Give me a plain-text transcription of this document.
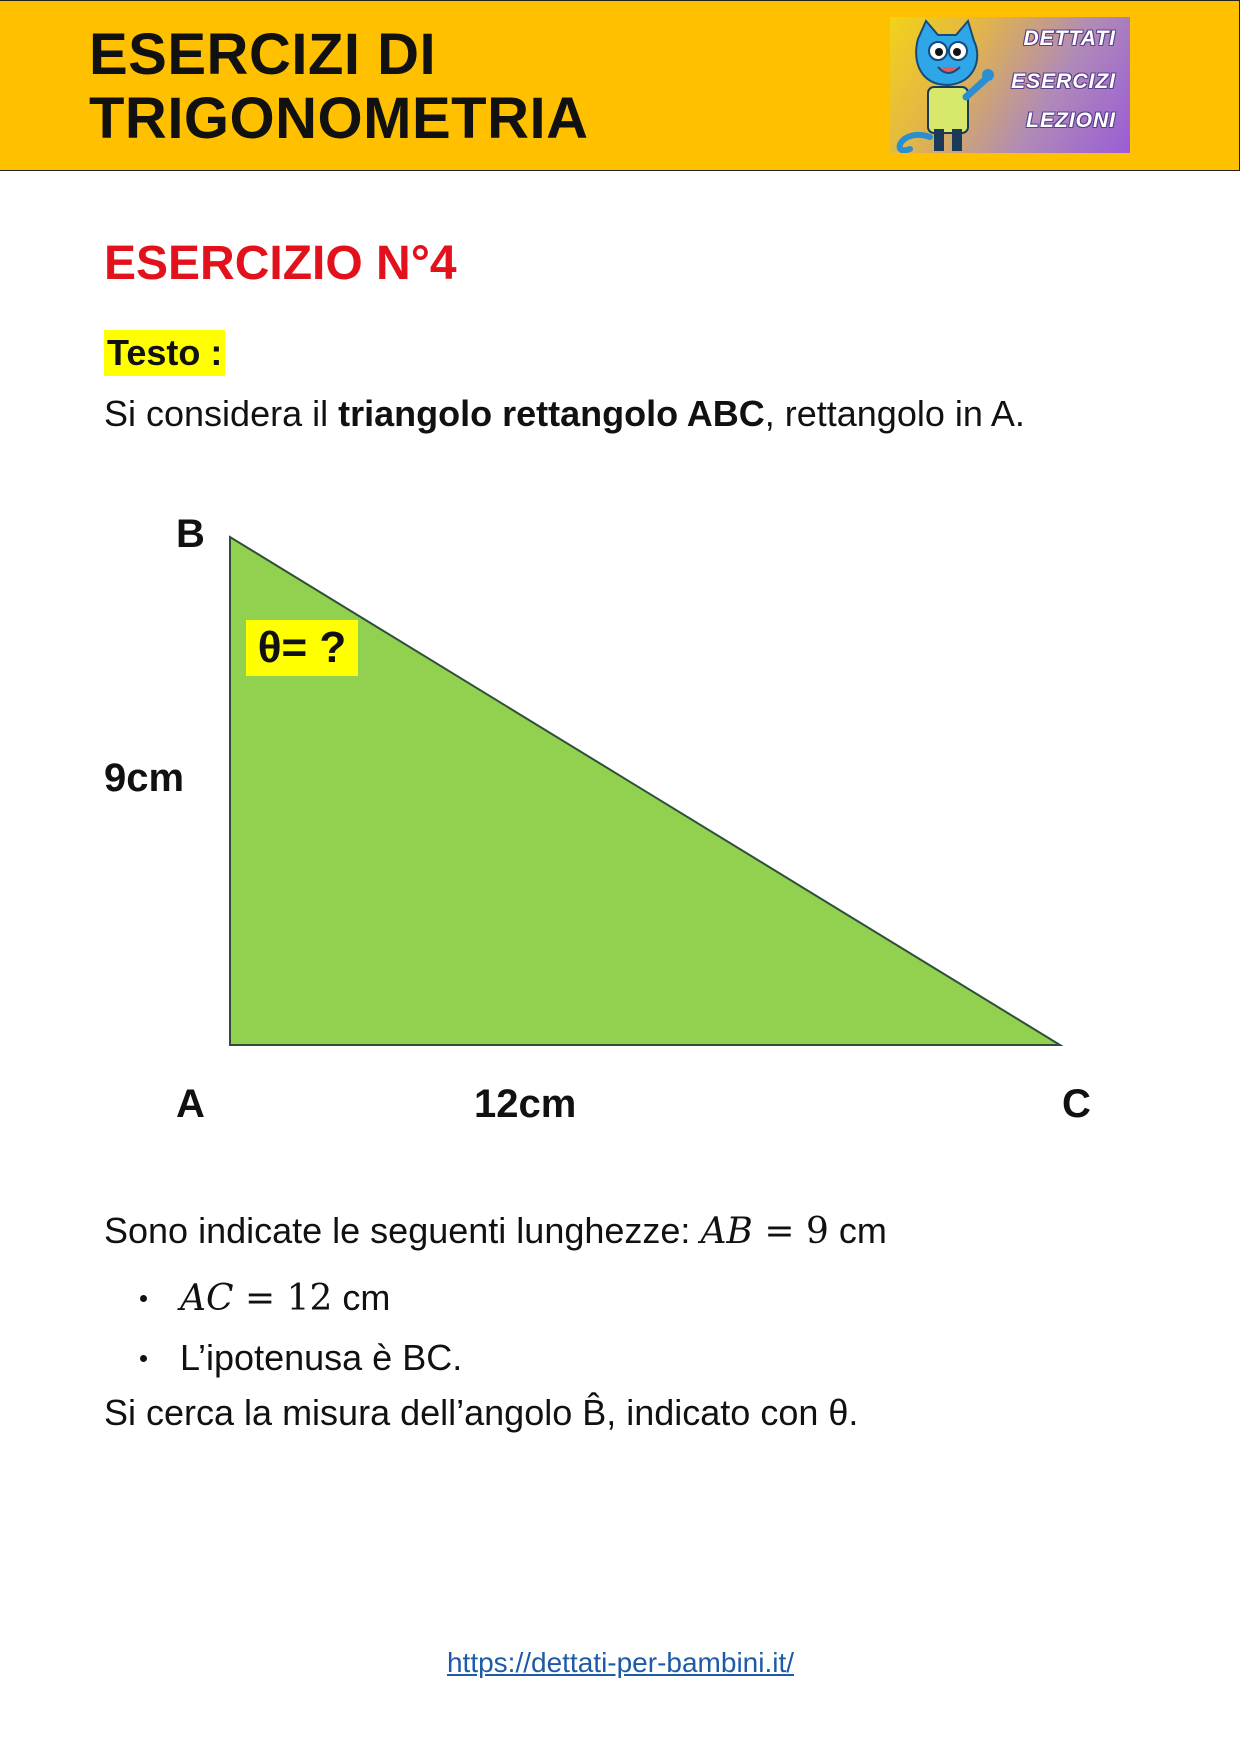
ESERCIZI DI
TRIGONOMETRIA
DETTATI
ESERCIZI
LEZIONI
ESERCIZIO N°4
Testo :

Si considera il triangolo rettangolo ABC, rettangolo in A.

θ= ?
B
9cm
A	12cm	C

Sono indicate le seguenti lunghezze: AB = 9 cm

AC = 12 cm
L’ipotenusa è BC.

Si cerca la misura dell’angolo B̂, indicato con θ.

https://dettati-per-bambini.it/
